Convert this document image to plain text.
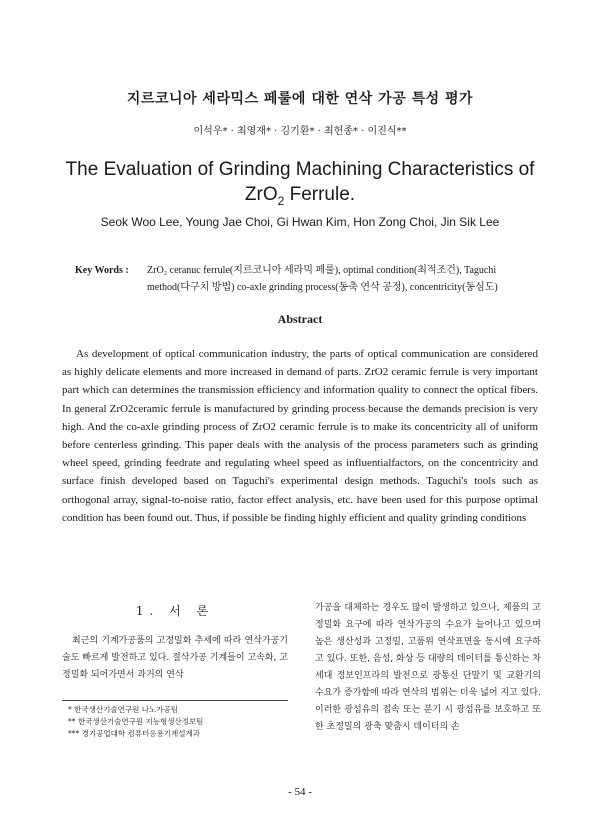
지르코니아 세라믹스 페룰에 대한 연삭 가공 특성 평가
이석우* · 최영재* · 김기환* · 최헌종* · 이진식**
The Evaluation of Grinding Machining Characteristics of
ZrO$_2$ Ferrule.
Seok Woo Lee, Young Jae Choi, Gi Hwan Kim, Hon Zong Choi, Jin Sik Lee
Key Words : ZrO₂ ceranuc ferrule(지르코니아 세라믹 페룰), optimal condition(최적조건), Taguchi method(다구치 방법) co-axle grinding process(동축 연삭 공정), concentricity(동심도)
Abstract

As development of optical communication industry, the parts of optical communication are considered as highly delicate elements and more increased in demand of parts. ZrO2 ceramic ferrule is very important part which can determines the transmission efficiency and information quality to connect the optical fibers. In general ZrO2ceramic ferrule is manufactured by grinding process because the demands precision is very high. And the co-axle grinding process of ZrO2 ceramic ferrule is to make its concentricity all of uniform before centerless grinding. This paper deals with the analysis of the process parameters such as grinding wheel speed, grinding feedrate and regulating wheel speed as influentialfactors, on the concentricity and surface finish developed based on Taguchi's experimental design methods. Taguchi's tools such as orthogonal array, signal-to-noise ratio, factor effect analysis, etc. have been used for this purpose optimal condition has been found out. Thus, if possible be finding highly efficient and quality grinding conditions

1. 서 론

최근의 기계가공품의 고정밀화 추세에 따라 연삭가공기술도 빠르게 발전하고 있다. 절삭가공 기계들이 고속화, 고정밀화 되어가면서 과거의 연삭

* 한국생산기술연구원 나노가공팀
** 한국생산기술연구원 지능형생산정보팀
*** 경기공업대학 컴퓨터응용기계설계과

가공을 대체하는 경우도 많이 발생하고 있으나, 제품의 고정밀화 요구에 따라 연삭가공의 수요가 늘어나고 있으며 높은 생산성과 고정밀, 고품위 연삭표면을 동시에 요구하고 있다. 또한, 음성, 화상 등 대량의 데이터를 통신하는 차세대 정보인프라의 발전으로 광통신 단말기 및 교환기의 수요가 증가함에 따라 연삭의 범위는 더욱 넓어 지고 있다. 이러한 광섬유의 접속 또는 분기 시 광섬유를 보호하고 또한 초정밀의 광축 맞춤시 데이터의 손

- 54 -
